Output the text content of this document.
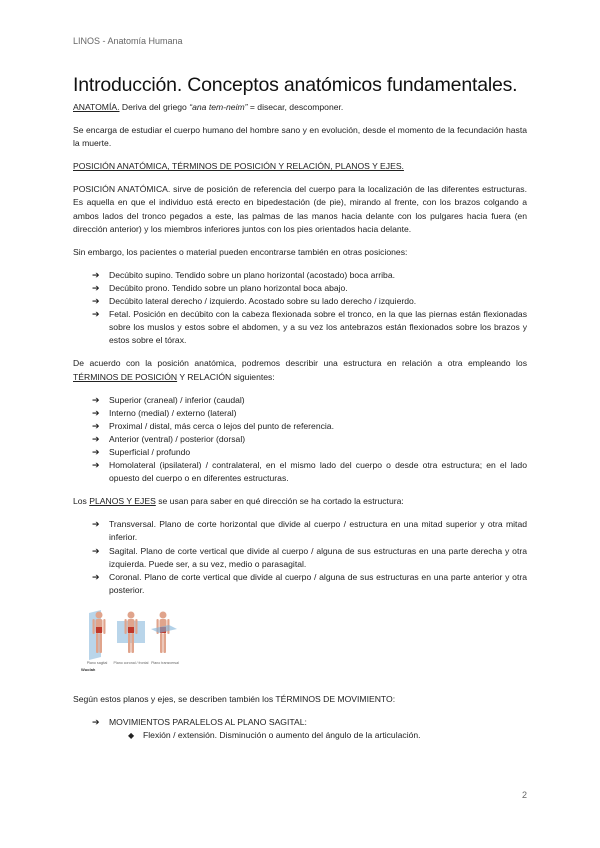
LINOS - Anatomía Humana
Introducción. Conceptos anatómicos fundamentales.

ANATOMÍA. Deriva del griego “ana tem-neim” = disecar, descomponer.

Se encarga de estudiar el cuerpo humano del hombre sano y en evolución, desde el momento de la fecundación hasta la muerte.

POSICIÓN ANATÓMICA, TÉRMINOS DE POSICIÓN Y RELACIÓN, PLANOS Y EJES.

POSICIÓN ANATÓMICA. sirve de posición de referencia del cuerpo para la localización de las diferentes estructuras. Es aquella en que el individuo está erecto en bipedestación (de pie), mirando al frente, con los brazos colgando a ambos lados del tronco pegados a este, las palmas de las manos hacia delante con los pulgares hacia fuera (en dirección anterior) y los miembros inferiores juntos con los pies orientados hacia delante.

Sin embargo, los pacientes o material pueden encontrarse también en otras posiciones:

➔ Decúbito supino. Tendido sobre un plano horizontal (acostado) boca arriba.
➔ Decúbito prono. Tendido sobre un plano horizontal boca abajo.
➔ Decúbito lateral derecho / izquierdo. Acostado sobre su lado derecho / izquierdo.
➔ Fetal. Posición en decúbito con la cabeza flexionada sobre el tronco, en la que las piernas están flexionadas sobre los muslos y estos sobre el abdomen, y a su vez los antebrazos están flexionados sobre los brazos y estos sobre el tórax.

De acuerdo con la posición anatómica, podremos describir una estructura en relación a otra empleando los TÉRMINOS DE POSICIÓN Y RELACIÓN siguientes:

➔ Superior (craneal) / inferior (caudal)
➔ Interno (medial) / externo (lateral)
➔ Proximal / distal, más cerca o lejos del punto de referencia.
➔ Anterior (ventral) / posterior (dorsal)
➔ Superficial / profundo
➔ Homolateral (ipsilateral) / contralateral, en el mismo lado del cuerpo o desde otra estructura; en el lado opuesto del cuerpo o en diferentes estructuras.

Los PLANOS Y EJES se usan para saber en qué dirección se ha cortado la estructura:

➔ Transversal. Plano de corte horizontal que divide al cuerpo / estructura en una mitad superior y otra mitad inferior.
➔ Sagital. Plano de corte vertical que divide al cuerpo / alguna de sus estructuras en una parte derecha y otra izquierda. Puede ser, a su vez, medio o parasagital.
➔ Coronal. Plano de corte vertical que divide al cuerpo / alguna de sus estructuras en una parte anterior y otra posterior.
Wuolah
Plano sagital Plano coronal / frontal Plano transversal

Según estos planos y ejes, se describen también los TÉRMINOS DE MOVIMIENTO:

➔ MOVIMIENTOS PARALELOS AL PLANO SAGITAL:
◆ Flexión / extensión. Disminución o aumento del ángulo de la articulación.
2
